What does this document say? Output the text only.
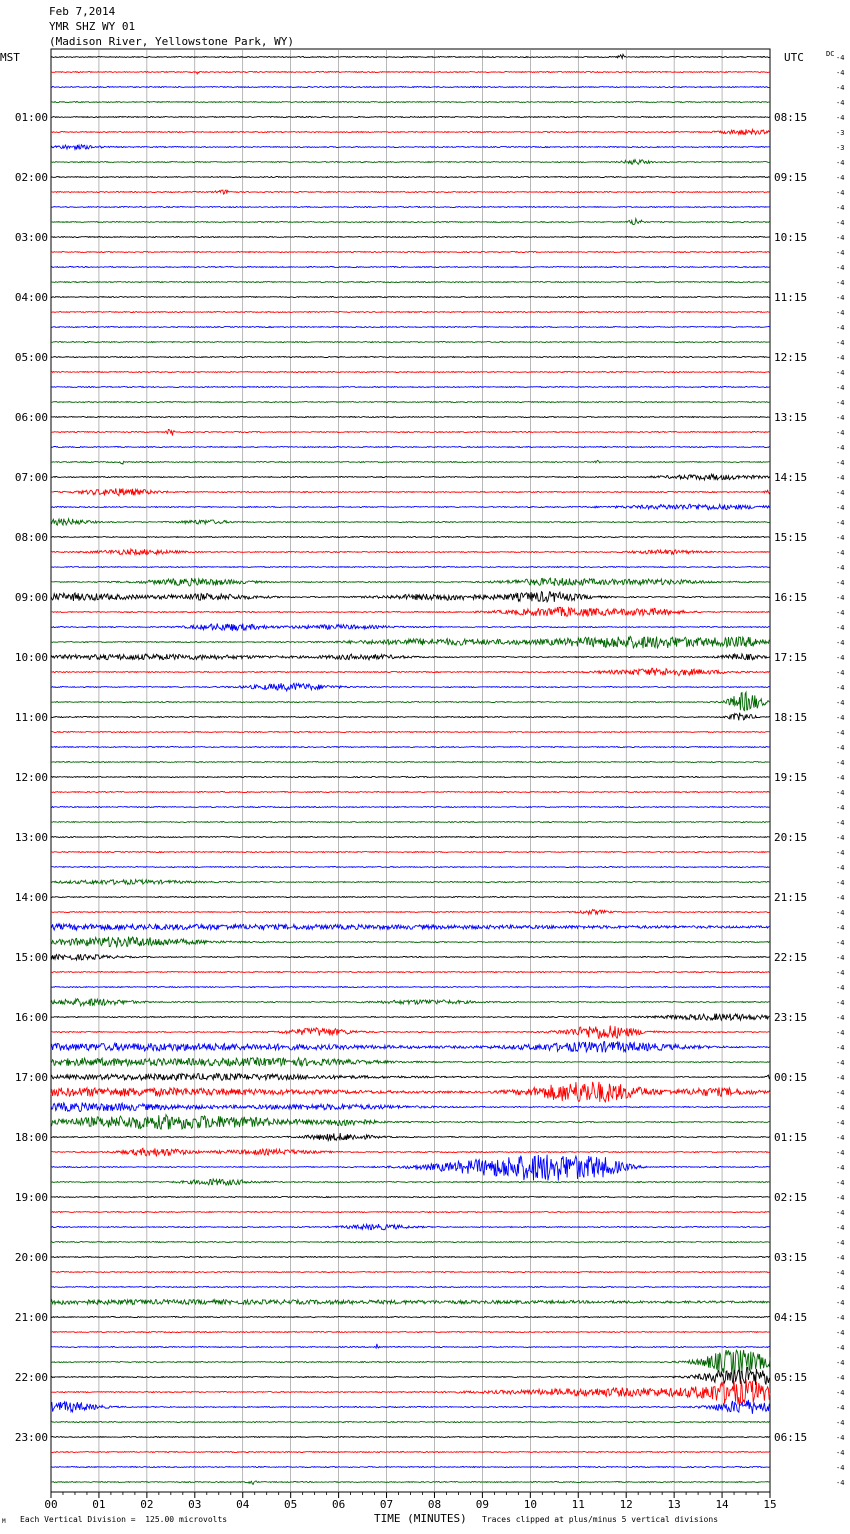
Feb 7,2014
YMR SHZ WY 01
(Madison River, Yellowstone Park, WY)
00	01	02	03	04	05	06	07	08	09	10	11	12	13	14	15
MST	UTC	DC -4
-4
-4
-4
-4
01:00	08:15
-3
-3
-4
-4
02:00	09:15
-4
-4
-4
-4
03:00	10:15
-4
-4
-4
-4
04:00	11:15
-4
-4
-4
-4
05:00	12:15
-4
-4
-4
-4
06:00	13:15
-4
-4
-4
-4
07:00	14:15
-4
-4
-4
-4
08:00	15:15
-4
-4
-4
-4
09:00	16:15
-4
-4
-4
-4
10:00	17:15
-4
-4
-4
-4
11:00	18:15
-4
-4
-4
-4
12:00	19:15
-4
-4
-4
-4
13:00	20:15
-4
-4
-4
-4
14:00	21:15
-4
-4
-4
-4
15:00	22:15
-4
-4
-4
-4
16:00	23:15
-4
-4
-4
-4
17:00	00:15
-4
-4
-4
-4
18:00	01:15
-4
-4
-4
-4
19:00	02:15
-4
-4
-4
-4
20:00	03:15
-4
-4
-4
-4
21:00	04:15
-4
-4
-4
-4
22:00	05:15
-4
-4
-4
-4
23:00	06:15
-4
-4
-4
M Each Vertical Division =  125.00 microvolts	TIME (MINUTES) Traces clipped at plus/minus 5 vertical divisions
